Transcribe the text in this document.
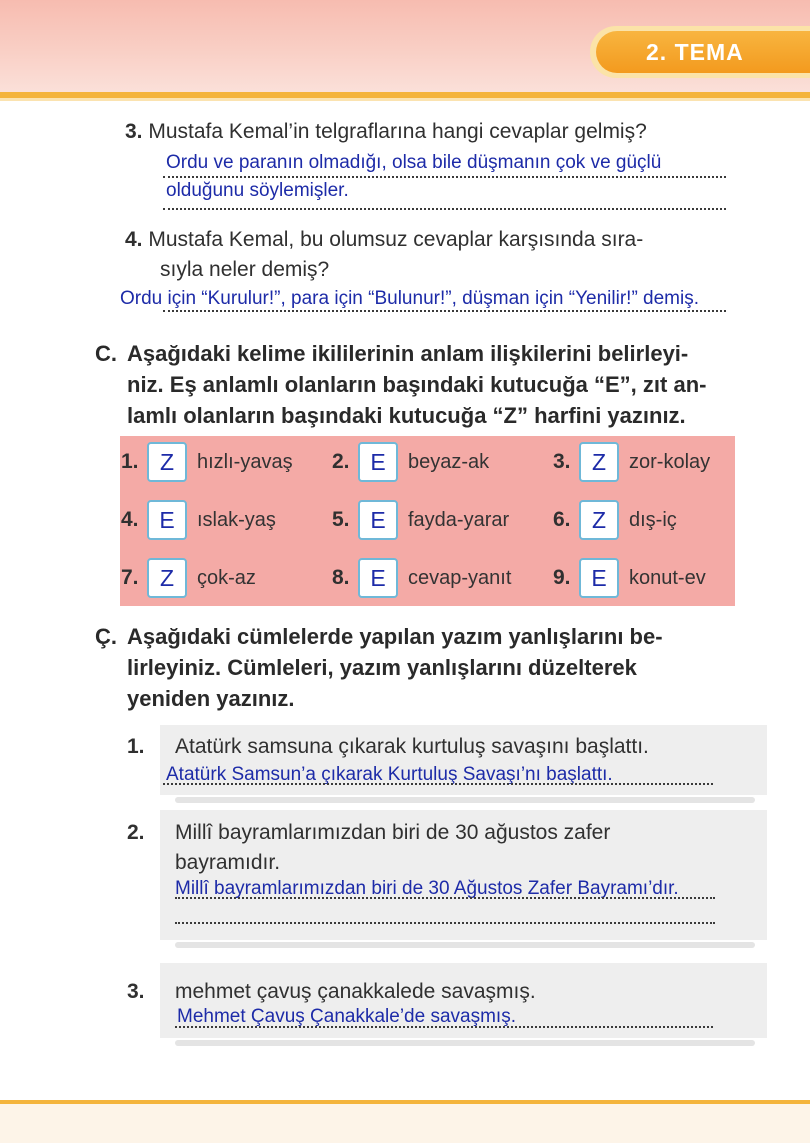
2. TEMA
3. Mustafa Kemal’in telgraflarına hangi cevaplar gelmiş?
Ordu ve paranın olmadığı, olsa bile düşmanın çok ve güçlü
olduğunu söylemişler.
4. Mustafa Kemal, bu olumsuz cevaplar karşısında sıra-
sıyla neler demiş?
Ordu için “Kurulur!”, para için “Bulunur!”, düşman için “Yenilir!” demiş.
C. Aşağıdaki kelime ikililerinin anlam ilişkilerini belirleyi-
niz. Eş anlamlı olanların başındaki kutucuğa “E”, zıt an-
lamlı olanların başındaki kutucuğa “Z” harfini yazınız.
1. Z	hızlı-yavaş 2. E	beyaz-ak	3. Z	zor-kolay
4. E	ıslak-yaş	5. E	fayda-yarar 6. Z	dış-iç
7. Z	çok-az	8. E	cevap-yanıt 9. E	konut-ev
Ç. Aşağıdaki cümlelerde yapılan yazım yanlışlarını be-
lirleyiniz. Cümleleri, yazım yanlışlarını düzelterek
yeniden yazınız.
1. Atatürk samsuna çıkarak kurtuluş savaşını başlattı.
Atatürk Samsun’a çıkarak Kurtuluş Savaşı’nı başlattı.
2. Millî bayramlarımızdan biri de 30 ağustos zafer
bayramıdır.
Millî bayramlarımızdan biri de 30 Ağustos Zafer Bayramı’dır.
3. mehmet çavuş çanakkalede savaşmış.
Mehmet Çavuş Çanakkale’de savaşmış.
